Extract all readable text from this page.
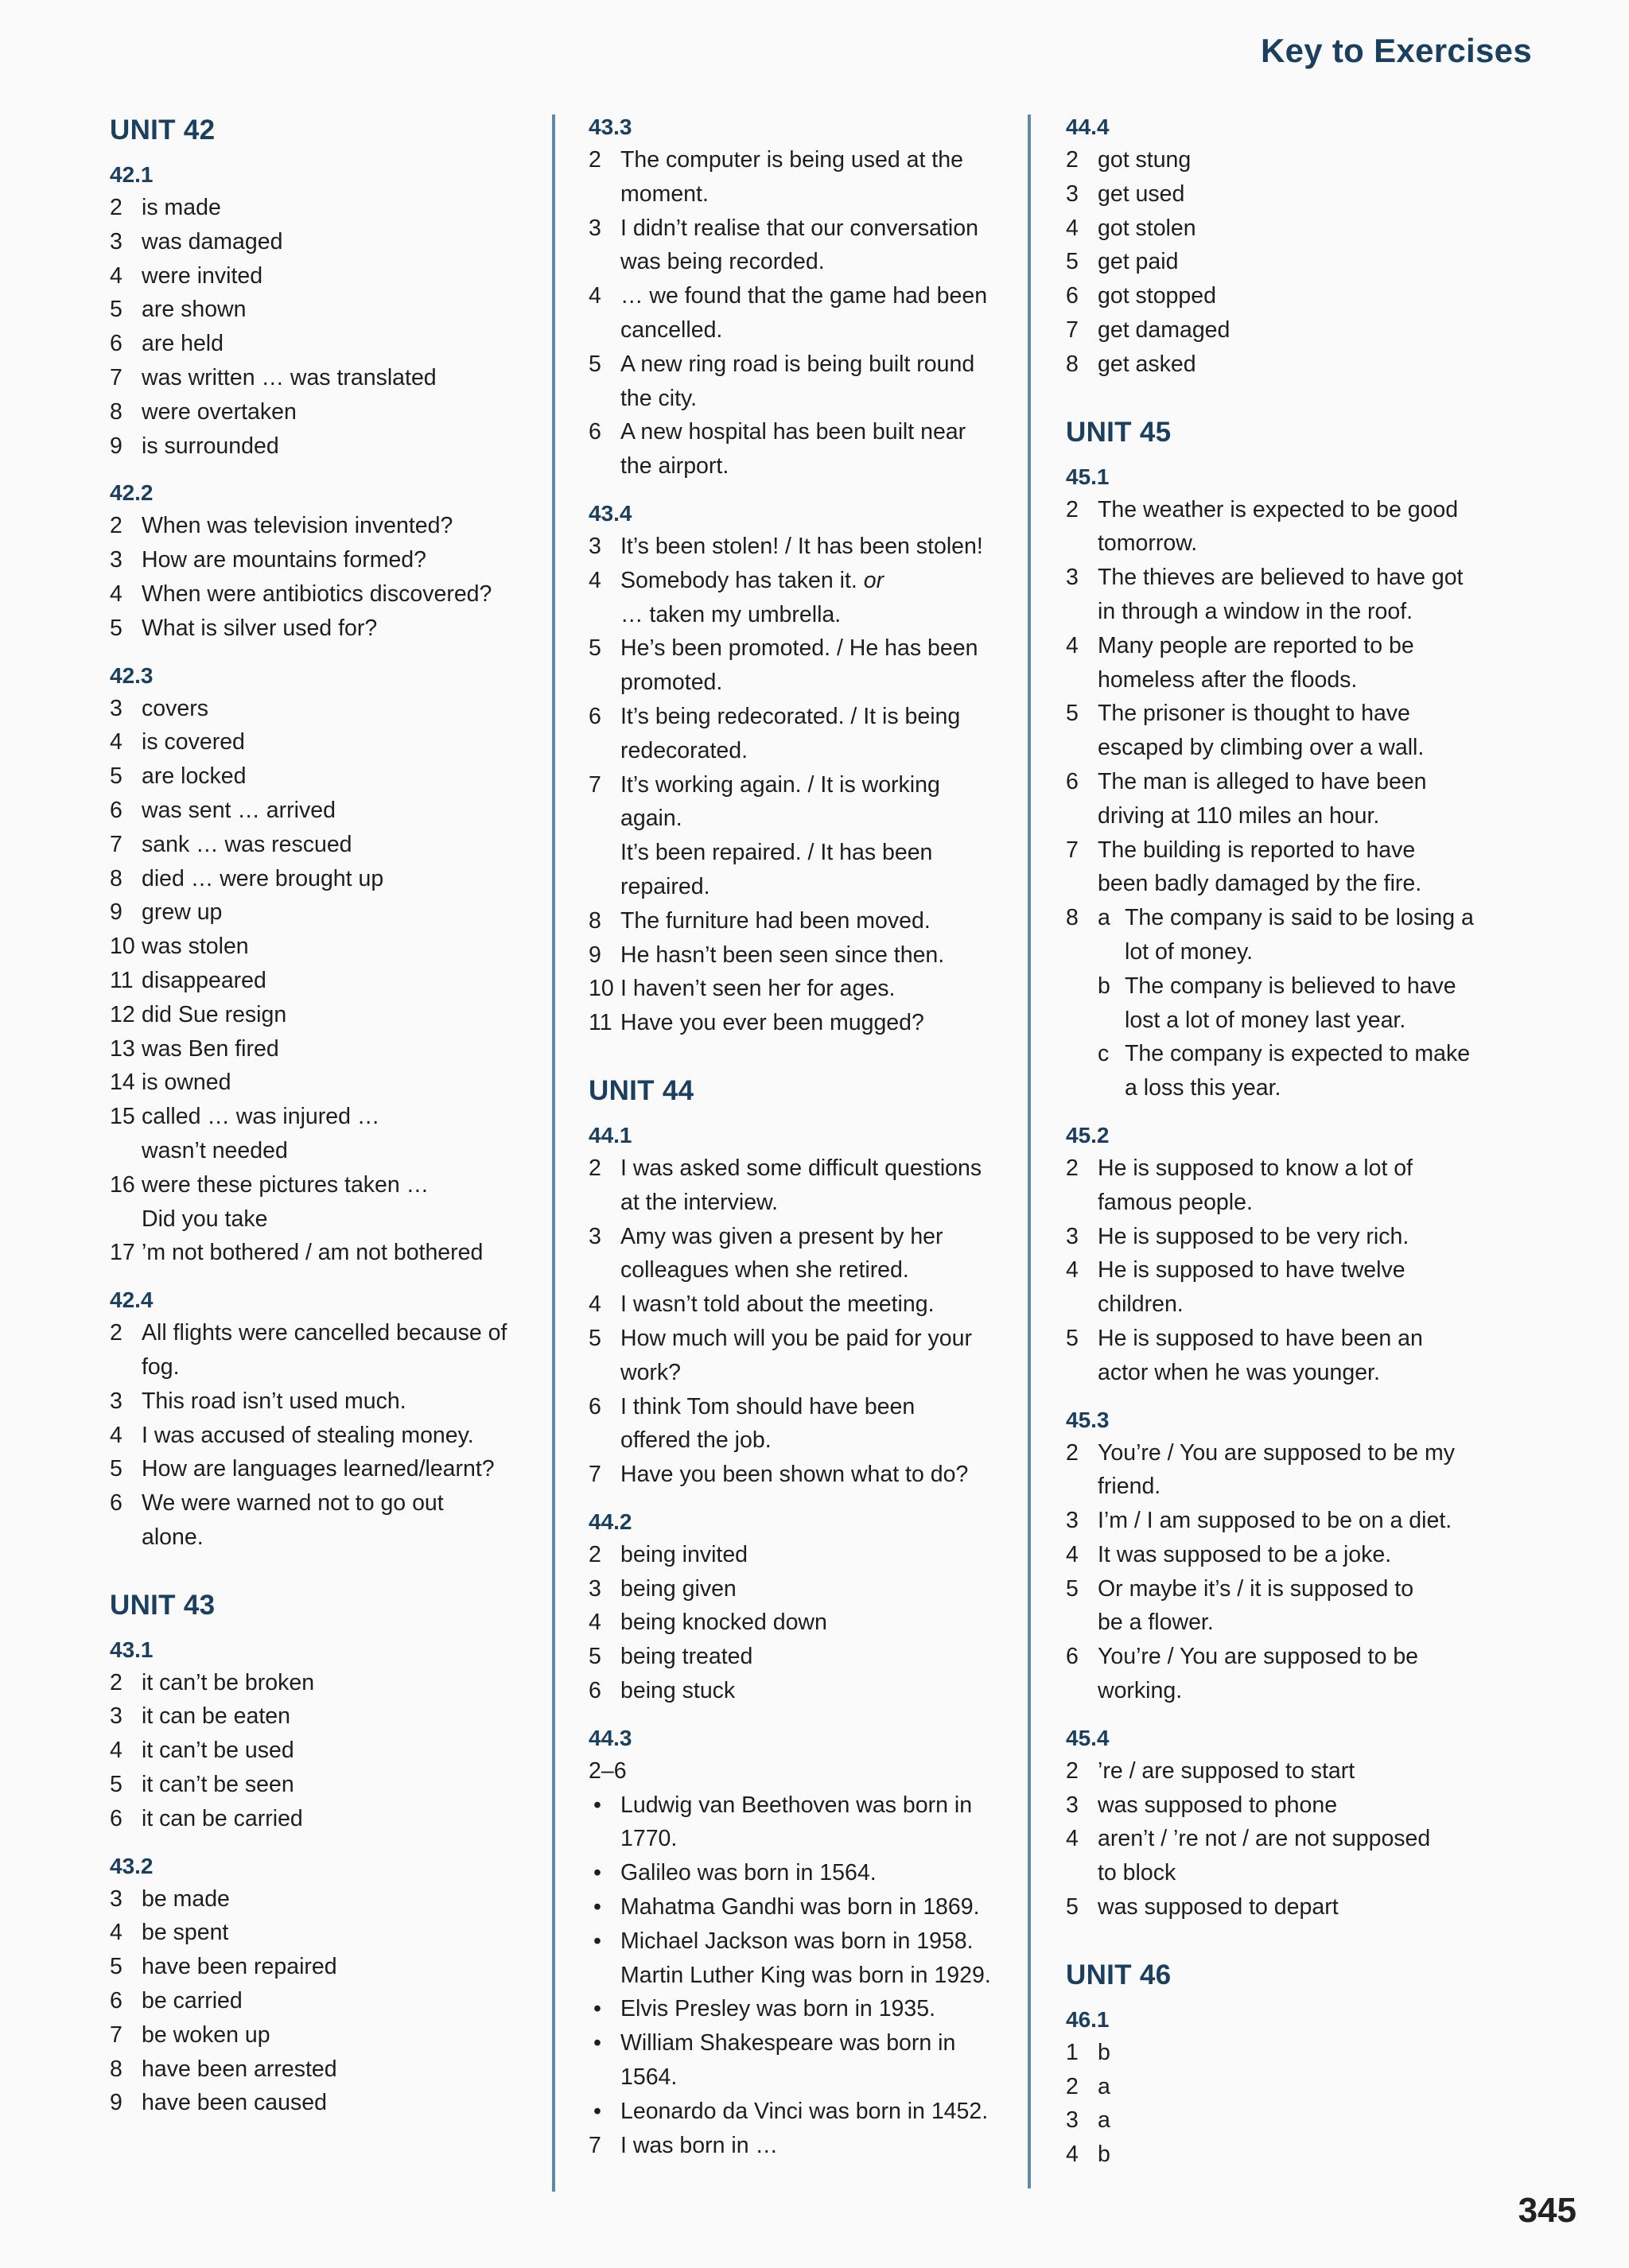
Key to Exercises
UNIT 42
42.1
2 is made
3 was damaged
4 were invited
5 are shown
6 are held
7 was written … was translated
8 were overtaken
9 is surrounded
42.2
2 When was television invented?
3 How are mountains formed?
4 When were antibiotics discovered?
5 What is silver used for?
42.3
3 covers
4 is covered
5 are locked
6 was sent … arrived
7 sank … was rescued
8 died … were brought up
9 grew up
10 was stolen
11 disappeared
12 did Sue resign
13 was Ben fired
14 is owned
15 called … was injured …
wasn’t needed
16 were these pictures taken …
Did you take
17 ’m not bothered / am not bothered
42.4
2 All flights were cancelled because of
fog.
3 This road isn’t used much.
4 I was accused of stealing money.
5 How are languages learned/learnt?
6 We were warned not to go out
alone.
UNIT 43
43.1
2 it can’t be broken
3 it can be eaten
4 it can’t be used
5 it can’t be seen
6 it can be carried
43.2
3 be made
4 be spent
5 have been repaired
6 be carried
7 be woken up
8 have been arrested
9 have been caused
43.3
2 The computer is being used at the
moment.
3 I didn’t realise that our conversation
was being recorded.
4 … we found that the game had been
cancelled.
5 A new ring road is being built round
the city.
6 A new hospital has been built near
the airport.
43.4
3 It’s been stolen! / It has been stolen!
4 Somebody has taken it. or
… taken my umbrella.
5 He’s been promoted. / He has been
promoted.
6 It’s being redecorated. / It is being
redecorated.
7 It’s working again. / It is working
again.
It’s been repaired. / It has been
repaired.
8 The furniture had been moved.
9 He hasn’t been seen since then.
10 I haven’t seen her for ages.
11 Have you ever been mugged?
UNIT 44
44.1
2 I was asked some difficult questions
at the interview.
3 Amy was given a present by her
colleagues when she retired.
4 I wasn’t told about the meeting.
5 How much will you be paid for your
work?
6 I think Tom should have been
offered the job.
7 Have you been shown what to do?
44.2
2 being invited
3 being given
4 being knocked down
5 being treated
6 being stuck
44.3
2–6
• Ludwig van Beethoven was born in
1770.
• Galileo was born in 1564.
• Mahatma Gandhi was born in 1869.
• Michael Jackson was born in 1958.
Martin Luther King was born in 1929.
• Elvis Presley was born in 1935.
• William Shakespeare was born in
1564.
• Leonardo da Vinci was born in 1452.
7 I was born in …
44.4
2 got stung
3 get used
4 got stolen
5 get paid
6 got stopped
7 get damaged
8 get asked
UNIT 45
45.1
2 The weather is expected to be good
tomorrow.
3 The thieves are believed to have got
in through a window in the roof.
4 Many people are reported to be
homeless after the floods.
5 The prisoner is thought to have
escaped by climbing over a wall.
6 The man is alleged to have been
driving at 110 miles an hour.
7 The building is reported to have
been badly damaged by the fire.
8 a The company is said to be losing a
lot of money.
b The company is believed to have
lost a lot of money last year.
c The company is expected to make
a loss this year.
45.2
2 He is supposed to know a lot of
famous people.
3 He is supposed to be very rich.
4 He is supposed to have twelve
children.
5 He is supposed to have been an
actor when he was younger.
45.3
2 You’re / You are supposed to be my
friend.
3 I’m / I am supposed to be on a diet.
4 It was supposed to be a joke.
5 Or maybe it’s / it is supposed to
be a flower.
6 You’re / You are supposed to be
working.
45.4
2 ’re / are supposed to start
3 was supposed to phone
4 aren’t / ’re not / are not supposed
to block
5 was supposed to depart
UNIT 46
46.1
1 b
2 a
3 a
4 b
345
